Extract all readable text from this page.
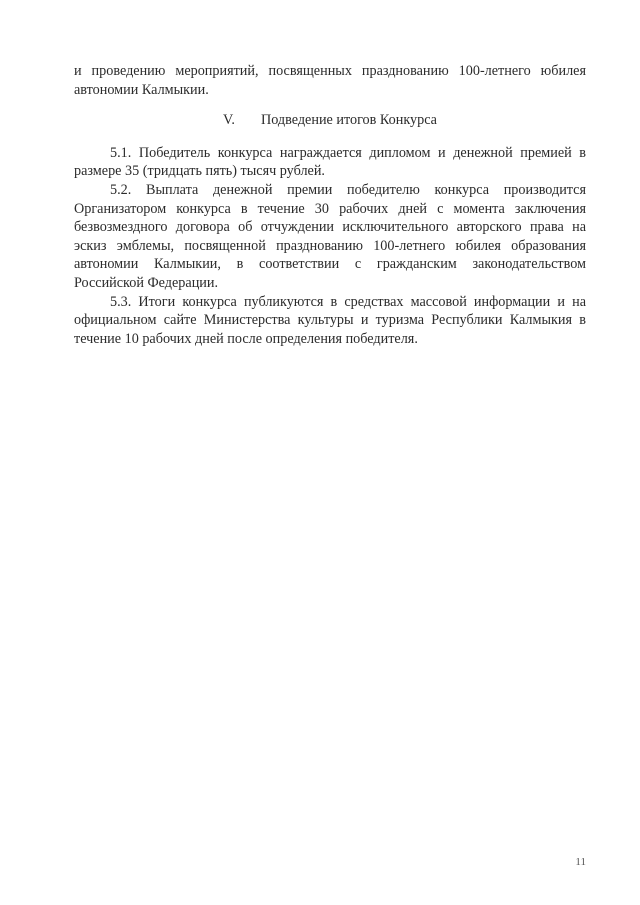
и проведению мероприятий, посвященных празднованию 100-летнего юбилея автономии Калмыкии.

V. Подведение итогов Конкурса

5.1. Победитель конкурса награждается дипломом и денежной премией в размере 35 (тридцать пять) тысяч рублей.

5.2. Выплата денежной премии победителю конкурса производится Организатором конкурса в течение 30 рабочих дней с момента заключения безвозмездного договора об отчуждении исключительного авторского права на эскиз эмблемы, посвященной празднованию 100-летнего юбилея образования автономии Калмыкии, в соответствии с гражданским законодательством Российской Федерации.

5.3. Итоги конкурса публикуются в средствах массовой информации и на официальном сайте Министерства культуры и туризма Республики Калмыкия в течение 10 рабочих дней после определения победителя.

11
